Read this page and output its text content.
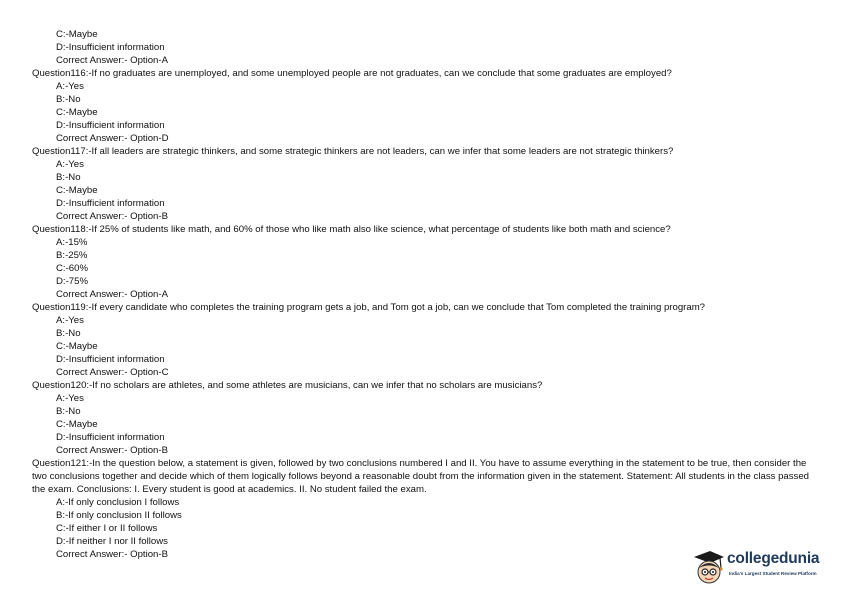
C:-Maybe
D:-Insufficient information
Correct Answer:- Option-A
Question116:-If no graduates are unemployed, and some unemployed people are not graduates, can we conclude that some graduates are employed?
A:-Yes
B:-No
C:-Maybe
D:-Insufficient information
Correct Answer:- Option-D
Question117:-If all leaders are strategic thinkers, and some strategic thinkers are not leaders, can we infer that some leaders are not strategic thinkers?
A:-Yes
B:-No
C:-Maybe
D:-Insufficient information
Correct Answer:- Option-B
Question118:-If 25% of students like math, and 60% of those who like math also like science, what percentage of students like both math and science?
A:-15%
B:-25%
C:-60%
D:-75%
Correct Answer:- Option-A
Question119:-If every candidate who completes the training program gets a job, and Tom got a job, can we conclude that Tom completed the training program?
A:-Yes
B:-No
C:-Maybe
D:-Insufficient information
Correct Answer:- Option-C
Question120:-If no scholars are athletes, and some athletes are musicians, can we infer that no scholars are musicians?
A:-Yes
B:-No
C:-Maybe
D:-Insufficient information
Correct Answer:- Option-B
Question121:-In the question below, a statement is given, followed by two conclusions numbered I and II. You have to assume everything in the statement to be true, then consider the two conclusions together and decide which of them logically follows beyond a reasonable doubt from the information given in the statement. Statement: All students in the class passed the exam. Conclusions: I. Every student is good at academics. II. No student failed the exam.
A:-If only conclusion I follows
B:-If only conclusion II follows
C:-If either I or II follows
D:-If neither I nor II follows
Correct Answer:- Option-B	collegedunia
India's Largest Student Review Platform
